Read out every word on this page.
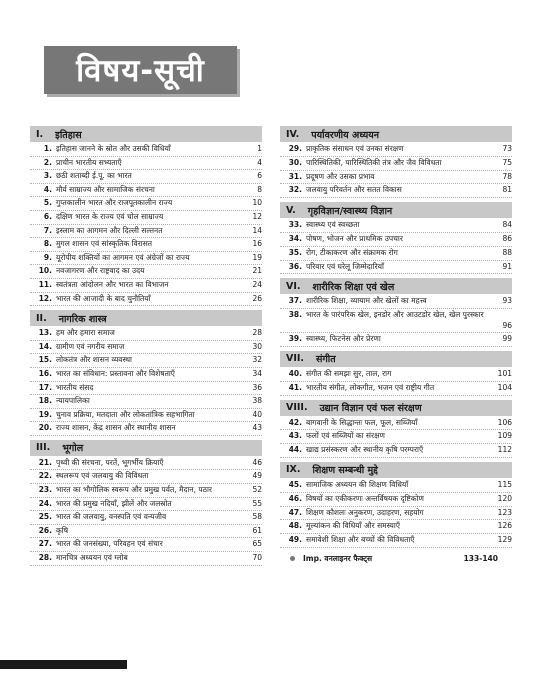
विषय-सूची
I. इतिहास
1. इतिहास जानने के स्रोत और उसकी विधियाँ	1
2. प्राचीन भारतीय सभ्यताएँ	4
3. छठी शताब्दी ई.पू. का भारत	6
4. मौर्य साम्राज्य और सामाजिक संरचना	8
5. गुप्तकालीन भारत और राजपूतकालीन राज्य	10
6. दक्षिण भारत के राज्य एवं चोल साम्राज्य	12
7. इस्लाम का आगमन और दिल्ली सल्तनत	14
8. मुगल शासन एवं सांस्कृतिक विरासत	16
9. यूरोपीय शक्तियों का आगमन एवं अंग्रेजों का राज्य	19
10. नवजागरण और राष्ट्रवाद का उदय	21
11. स्वतंत्रता आंदोलन और भारत का विभाजन	24
12. भारत की आजादी के बाद चुनौतियाँ	26
II. नागरिक शास्त्र
13. हम और हमारा समाज	28
14. ग्रामीण एवं नगरीय समाज	30
15. लोकतंत्र और शासन व्यवस्था	32
16. भारत का संविधान: प्रस्तावना और विशेषताएँ	34
17. भारतीय संसद	36
18. न्यायपालिका	38
19. चुनाव प्रक्रिया, मतदाता और लोकतांत्रिक सहभागिता	40
20. राज्य शासन, केंद्र शासन और स्थानीय शासन	43
III. भूगोल
21. पृथ्वी की संरचना, परतें, भूगर्भीय क्रियाएँ	46
22. स्थलरूप एवं जलवायु की विविधता	49
23. भारत का भौगोलिक स्वरूप और प्रमुख पर्वत, मैदान, पठार	52
24. भारत की प्रमुख नदियाँ, झीलें और जलस्रोत	55
25. भारत की जलवायु, वनस्पति एवं वन्यजीव	58
26. कृषि	61
27. भारत की जनसंख्या, परिवहन एवं संचार	65
28. मानचित्र अध्ययन एवं ग्लोब	70
IV. पर्यावरणीय अध्ययन
29. प्राकृतिक संसाधन एवं उनका संरक्षण	73
30. पारिस्थितिकी, पारिस्थितिकी तंत्र और जैव विविधता	75
31. प्रदूषण और उसका प्रभाव	78
32. जलवायु परिवर्तन और सतत विकास	81
V. गृहविज्ञान/स्वास्थ्य विज्ञान
33. स्वास्थ्य एवं स्वच्छता	84
34. पोषण, भोजन और प्राथमिक उपचार	86
35. रोग, टीकाकरण और संक्रामक रोग	88
36. परिवार एवं घरेलू जिम्मेदारियाँ	91
VI. शारीरिक शिक्षा एवं खेल
37. शारीरिक शिक्षा, व्यायाम और खेलों का महत्त्व	93
38. भारत के पारंपरिक खेल, इनडोर और आउटडोर खेल, खेल पुरस्कार
96
39. स्वास्थ्य, फिटनेस और प्रेरणा	99
VII. संगीत
40. संगीत की समझः सुर, ताल, राग	101
41. भारतीय संगीत, लोकगीत, भजन एवं राष्ट्रीय गीत	104
VIII. उद्यान विज्ञान एवं फल संरक्षण
42. बागवानी के सिद्धान्तः फल, फूल, सब्जियाँ	106
43. फलों एवं सब्जियों का संरक्षण	109
44. खाद्य प्रसंस्करण और स्थानीय कृषि परम्पराएँ	112
IX. शिक्षण सम्बन्धी मुद्दे
45. सामाजिक अध्ययन की शिक्षण विधियाँ	115
46. विषयों का एकीकरणः अन्तर्विषयक दृष्टिकोण	120
47. शिक्षण कौशलः अनुकरण, उदाहरण, सहयोग	123
48. मूल्यांकन की विधियाँ और समस्याएँ	126
49. समावेशी शिक्षा और बच्चों की विविधताएँ	129
Imp. वनलाइनर फैक्ट्स	133-140
